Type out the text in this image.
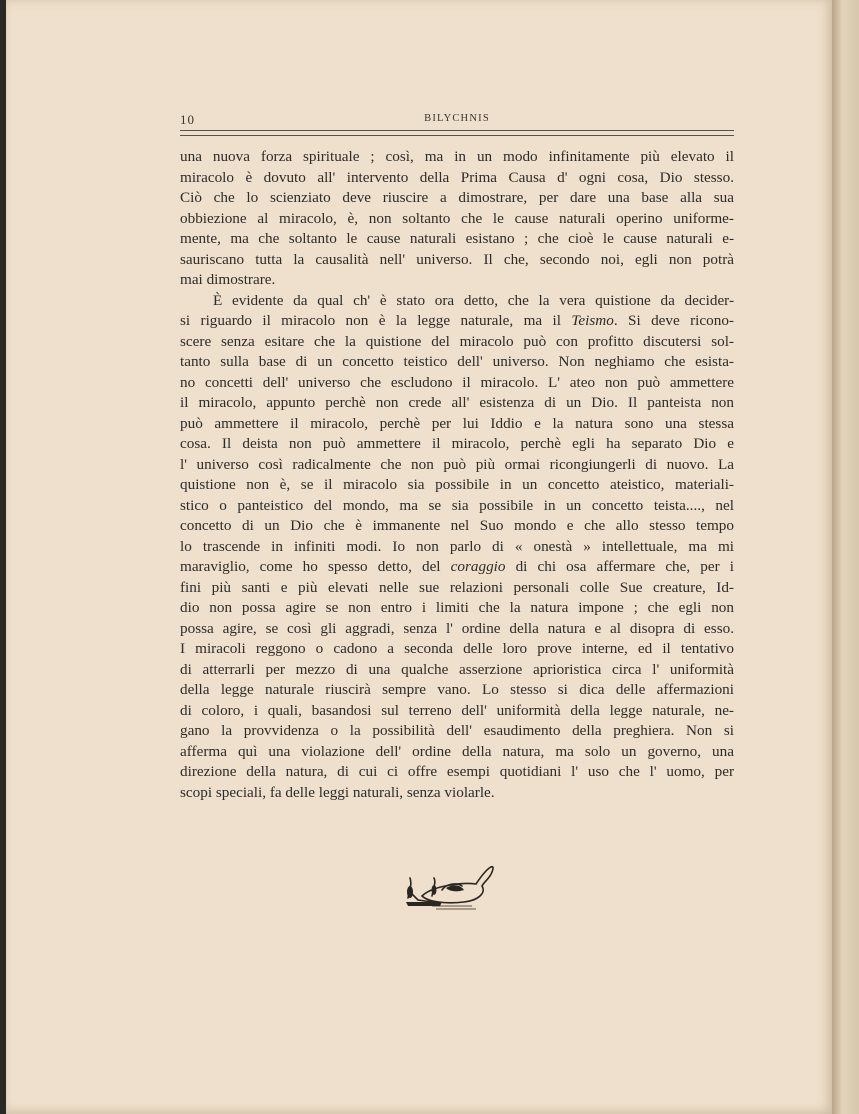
10	BILYCHNIS
una nuova forza spirituale ; così, ma in un modo infinitamente più elevato il
miracolo è dovuto all' intervento della Prima Causa d' ogni cosa, Dio stesso.
Ciò che lo scienziato deve riuscire a dimostrare, per dare una base alla sua
obbiezione al miracolo, è, non soltanto che le cause naturali operino uniforme-
mente, ma che soltanto le cause naturali esistano ; che cioè le cause naturali e-
sauriscano tutta la causalità nell' universo. Il che, secondo noi, egli non potrà
mai dimostrare.
È evidente da qual ch' è stato ora detto, che la vera quistione da decider-
si riguardo il miracolo non è la legge naturale, ma il Teismo. Si deve ricono-
scere senza esitare che la quistione del miracolo può con profitto discutersi sol-
tanto sulla base di un concetto teistico dell' universo. Non neghiamo che esista-
no concetti dell' universo che escludono il miracolo. L' ateo non può ammettere
il miracolo, appunto perchè non crede all' esistenza di un Dio. Il panteista non
può ammettere il miracolo, perchè per lui Iddio e la natura sono una stessa
cosa. Il deista non può ammettere il miracolo, perchè egli ha separato Dio e
l' universo così radicalmente che non può più ormai ricongiungerli di nuovo. La
quistione non è, se il miracolo sia possibile in un concetto ateistico, materiali-
stico o panteistico del mondo, ma se sia possibile in un concetto teista...., nel
concetto di un Dio che è immanente nel Suo mondo e che allo stesso tempo
lo trascende in infiniti modi. Io non parlo di « onestà » intellettuale, ma mi
maraviglio, come ho spesso detto, del coraggio di chi osa affermare che, per i
fini più santi e più elevati nelle sue relazioni personali colle Sue creature, Id-
dio non possa agire se non entro i limiti che la natura impone ; che egli non
possa agire, se così gli aggradi, senza l' ordine della natura e al disopra di esso.
I miracoli reggono o cadono a seconda delle loro prove interne, ed il tentativo
di atterrarli per mezzo di una qualche asserzione aprioristica circa l' uniformità
della legge naturale riuscirà sempre vano. Lo stesso si dica delle affermazioni
di coloro, i quali, basandosi sul terreno dell' uniformità della legge naturale, ne-
gano la provvidenza o la possibilità dell' esaudimento della preghiera. Non si
afferma quì una violazione dell' ordine della natura, ma solo un governo, una
direzione della natura, di cui ci offre esempi quotidiani l' uso che l' uomo, per
scopi speciali, fa delle leggi naturali, senza violarle.
